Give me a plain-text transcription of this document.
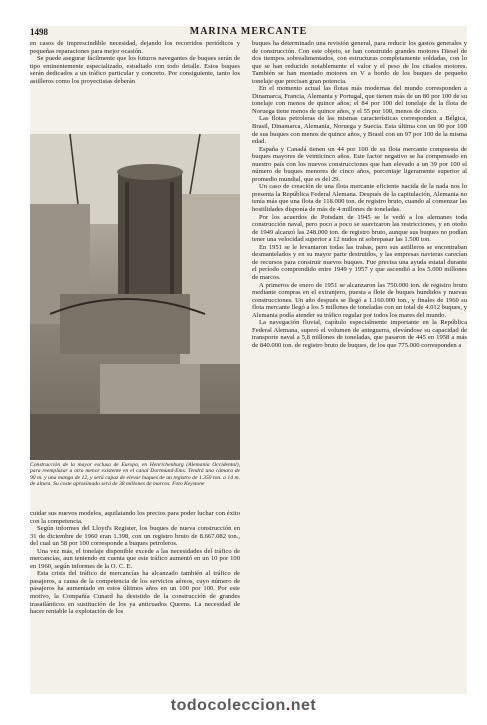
1498	MARINA MERCANTE

en casos de imprescindible necesidad, dejando los recorridos periódicos y pequeñas reparaciones para mejor ocasión.

Se puede asegurar fácilmente que los futuros navegantes de buques serán de tipo eminentemente especializado, estudiado con todo detalle. Estos buques serán dedicados a un tráfico particular y concreto. Por consiguiente, tanto los astilleros como los proyectistas deberán

Construcción de la mayor esclusa de Europa, en Henrichenburg (Alemania Occidental), para reemplazar a otra menor existente en el canal Dortmund-Ems. Tendrá una cámara de 90 m. y una manga de 12, y será capaz de elevar buques de un registro de 1.350 ton. a 14 m. de altura. Su coste aproximado será de 38 millones de marcos. Foto Keystone

cuidar sus nuevos modelos, aquilatando los precios para poder luchar con éxito con la competencia.

Según informes del Lloyd's Register, los buques de nueva construcción en 31 de diciembre de 1960 eran 1.398, con un registro bruto de 8.667.082 ton., del cual un 58 por 100 corresponde a buques petroleros.

Una vez más, el tonelaje disponible excede a las necesidades del tráfico de mercancías, aun teniendo en cuenta que este tráfico aumentó en un 10 por 100 en 1960, según informes de la O. C. E.

Esta crisis del tráfico de mercancías ha alcanzado también al tráfico de pasajeros, a causa de la competencia de los servicios aéreos, cuyo número de pasajeros ha aumentado en estos últimos años en un 100 por 100. Por este motivo, la Compañía Cunard ha desistido de la construcción de grandes trasatlánticos en sustitución de los ya anticuados Queens. La necesidad de hacer rentable la explotación de los

buques ha determinado una revisión general, para reducir los gastos generales y de construcción. Con este objeto, se han construido grandes motores Diesel de dos tiempos sobrealimentados, con estructuras completamente soldadas, con lo que se han reducido notablemente el valor y el peso de los citados motores. También se han montado motores en V a bordo de los buques de pequeño tonelaje que precisan gran potencia.

En el momento actual las flotas más modernas del mundo corresponden a Dinamarca, Francia, Alemania y Portugal, que tienen más de un 80 por 100 de su tonelaje con menos de quince años; el 84 por 100 del tonelaje de la flota de Noruega tiene menos de quince años, y el 55 por 100, menos de cinco.

Las flotas petroleras de las mismas características corresponden a Bélgica, Brasil, Dinamarca, Alemania, Noruega y Suecia. Esta última con un 90 por 100 de sus buques con menos de quince años, y Brasil con un 97 por 100 de la misma edad.

España y Canadá tienen un 44 por 100 de su flota mercante compuesta de buques mayores de veinticinco años. Este factor negativo se ha compensado en nuestro país con los nuevos construcciones que han elevado a un 39 por 100 el número de buques menores de cinco años, porcentaje ligeramente superior al promedio mundial, que es del 29.

Un caso de creación de una flota mercante eficiente nacida de la nada nos lo presenta la República Federal Alemana. Después de la capitulación, Alemania no tenía más que una flota de 118.000 ton. de registro bruto, cuando al comenzar las hostilidades disponía de más de 4 millones de toneladas.

Por los acuerdos de Potsdam de 1945 se le vedó a los alemanes toda construcción naval, pero poco a poco se suavizaron las restricciones, y en otoño de 1949 alcanzó las 248.000 ton. de registro bruto, aunque sus buques no podían tener una velocidad superior a 12 nudos ni sobrepasar las 1.500 ton.

En 1951 se le levantaron todas las trabas, pero sus astilleros se encontraban desmantelados y en su mayor parte destruidos, y las empresas navieras carecían de recursos para construir nuevos buques. Fue precisa una ayuda estatal durante el período comprendido entre 1949 y 1957 y que ascendió a los 5.000 millones de marcos.

A primeros de enero de 1951 se alcanzaron las 750.000 ton. de registro bruto mediante compras en el extranjero, puesta a flote de buques hundidos y nuevas construcciones. Un año después se llegó a 1.160.000 ton., y finales de 1960 su flota mercante llegó a los 5 millones de toneladas con un total de 4.012 buques, y Alemania podía atender su tráfico regular por todos los mares del mundo.

La navegación fluvial, capítulo especialmente importante en la República Federal Alemana, superó el volumen de anteguerra, elevándose su capacidad de transporte naval a 5,8 millones de toneladas, que pasaron de 445 en 1958 a más de 840.000 ton. de registro bruto de buques, de los que 775.000 corresponden a

todocoleccion.net
